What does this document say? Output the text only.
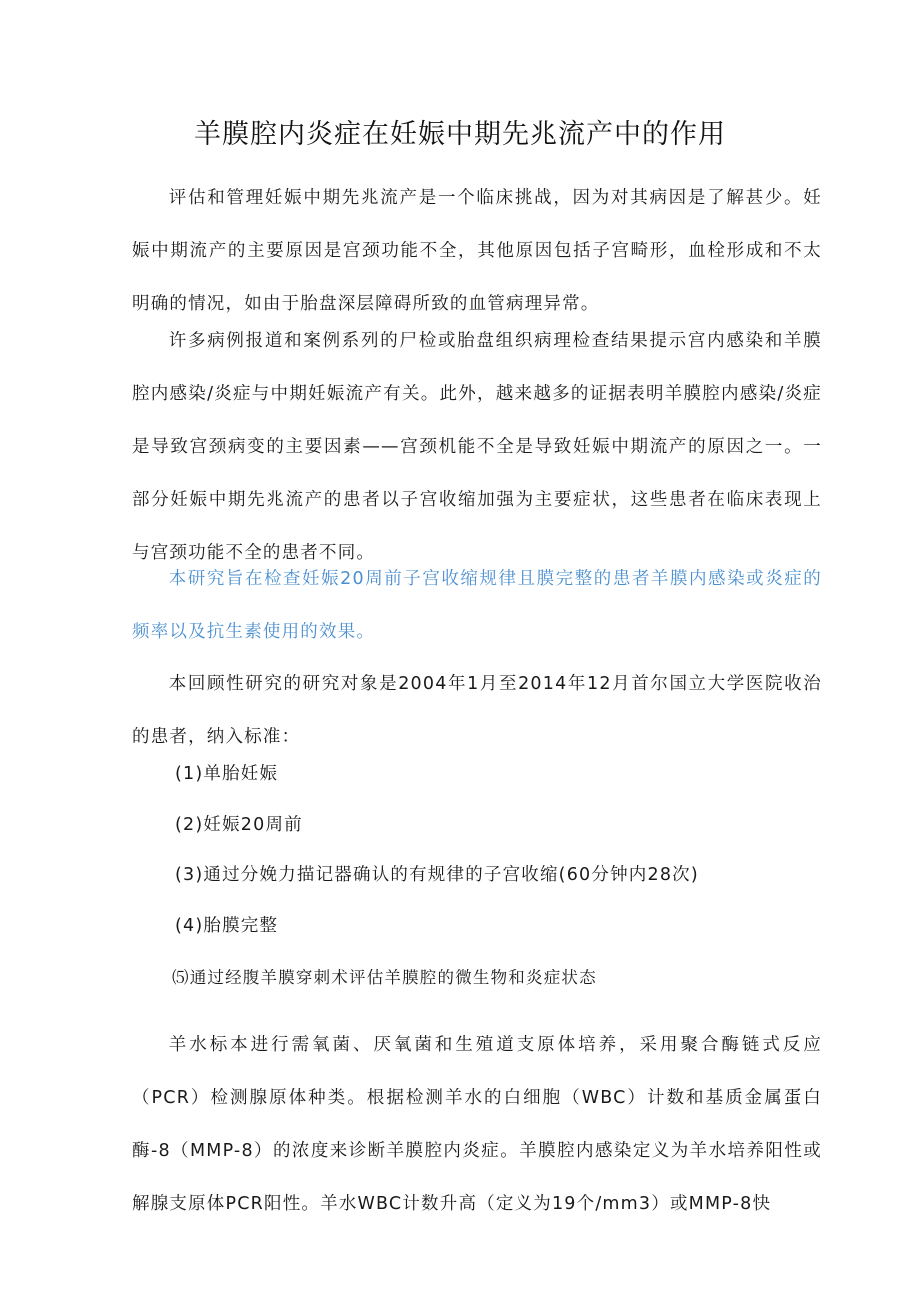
羊膜腔内炎症在妊娠中期先兆流产中的作用
评估和管理妊娠中期先兆流产是一个临床挑战，因为对其病因是了解甚少。妊娠中期流产的主要原因是宫颈功能不全，其他原因包括子宫畸形，血栓形成和不太明确的情况，如由于胎盘深层障碍所致的血管病理异常。
许多病例报道和案例系列的尸检或胎盘组织病理检查结果提示宫内感染和羊膜腔内感染/炎症与中期妊娠流产有关。此外，越来越多的证据表明羊膜腔内感染/炎症是导致宫颈病变的主要因素——宫颈机能不全是导致妊娠中期流产的原因之一。一部分妊娠中期先兆流产的患者以子宫收缩加强为主要症状，这些患者在临床表现上与宫颈功能不全的患者不同。
本研究旨在检查妊娠20周前子宫收缩规律且膜完整的患者羊膜内感染或炎症的频率以及抗生素使用的效果。
本回顾性研究的研究对象是2004年1月至2014年12月首尔国立大学医院收治的患者，纳入标准：
(1)单胎妊娠
(2)妊娠20周前
(3)通过分娩力描记器确认的有规律的子宫收缩(60分钟内28次)
(4)胎膜完整
⑸通过经腹羊膜穿刺术评估羊膜腔的微生物和炎症状态
羊水标本进行需氧菌、厌氧菌和生殖道支原体培养，采用聚合酶链式反应（PCR）检测腺原体种类。根据检测羊水的白细胞（WBC）计数和基质金属蛋白酶-8（MMP-8）的浓度来诊断羊膜腔内炎症。羊膜腔内感染定义为羊水培养阳性或解腺支原体PCR阳性。羊水WBC计数升高（定义为19个/mm3）或MMP-8快
